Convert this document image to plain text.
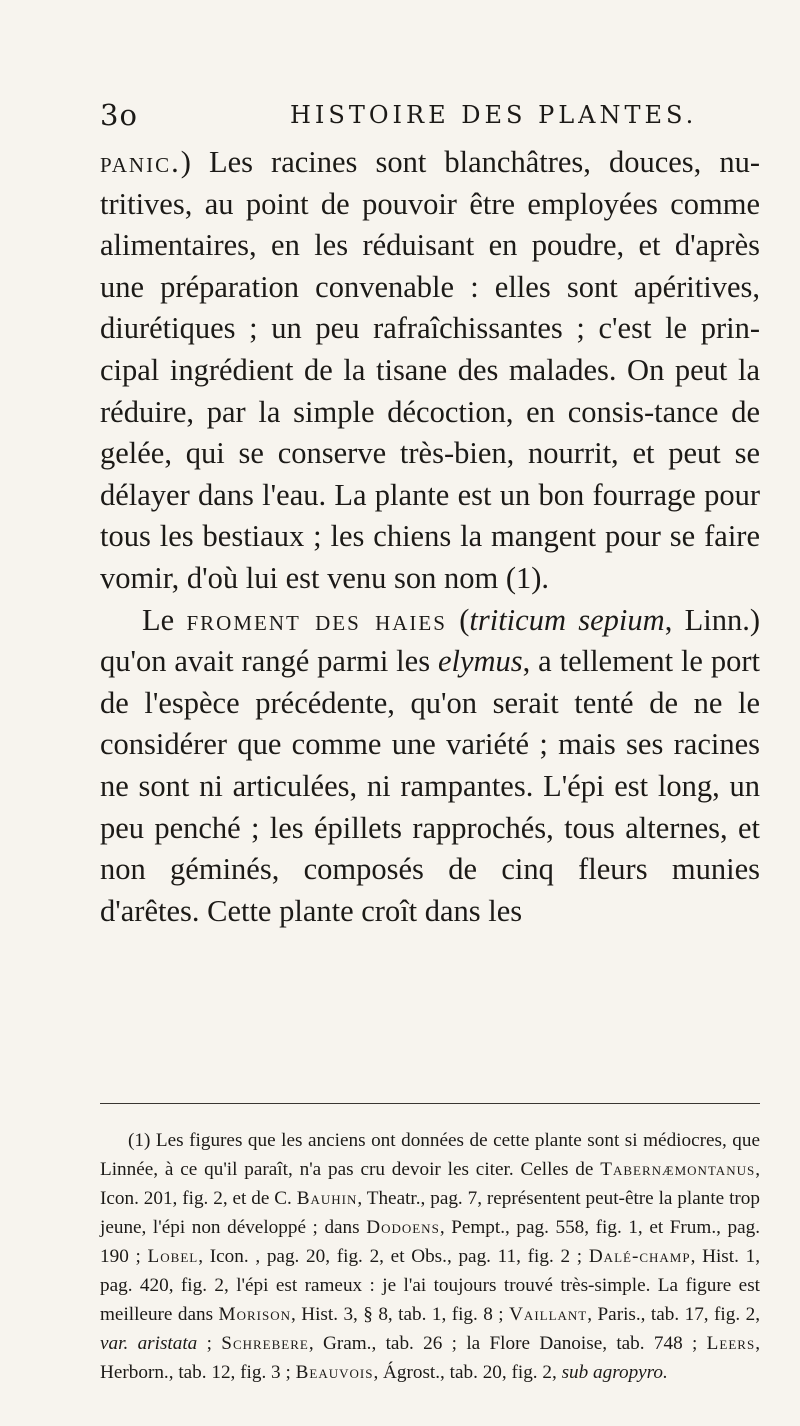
3o	HISTOIRE DES PLANTES.

panic.) Les racines sont blanchâtres, douces, nu-tritives, au point de pouvoir être employées comme alimentaires, en les réduisant en poudre, et d'après une préparation convenable : elles sont apéritives, diurétiques ; un peu rafraîchissantes ; c'est le prin-cipal ingrédient de la tisane des malades. On peut la réduire, par la simple décoction, en consis-tance de gelée, qui se conserve très-bien, nourrit, et peut se délayer dans l'eau. La plante est un bon fourrage pour tous les bestiaux ; les chiens la mangent pour se faire vomir, d'où lui est venu son nom (1).

Le froment des haies (triticum sepium, Linn.) qu'on avait rangé parmi les elymus, a tellement le port de l'espèce précédente, qu'on serait tenté de ne le considérer que comme une variété ; mais ses racines ne sont ni articulées, ni rampantes. L'épi est long, un peu penché ; les épillets rapprochés, tous alternes, et non géminés, composés de cinq fleurs munies d'arêtes. Cette plante croît dans les

(1) Les figures que les anciens ont données de cette plante sont si médiocres, que Linnée, à ce qu'il paraît, n'a pas cru devoir les citer. Celles de Tabernæmontanus, Icon. 201, fig. 2, et de C. Bauhin, Theatr., pag. 7, représentent peut-être la plante trop jeune, l'épi non développé ; dans Dodoens, Pempt., pag. 558, fig. 1, et Frum., pag. 190 ; Lobel, Icon. , pag. 20, fig. 2, et Obs., pag. 11, fig. 2 ; Dalé-champ, Hist. 1, pag. 420, fig. 2, l'épi est rameux : je l'ai toujours trouvé très-simple. La figure est meilleure dans Morison, Hist. 3, § 8, tab. 1, fig. 8 ; Vaillant, Paris., tab. 17, fig. 2, var. aristata ; Schrebere, Gram., tab. 26 ; la Flore Danoise, tab. 748 ; Leers, Herborn., tab. 12, fig. 3 ; Beauvois, Ágrost., tab. 20, fig. 2, sub agropyro.
